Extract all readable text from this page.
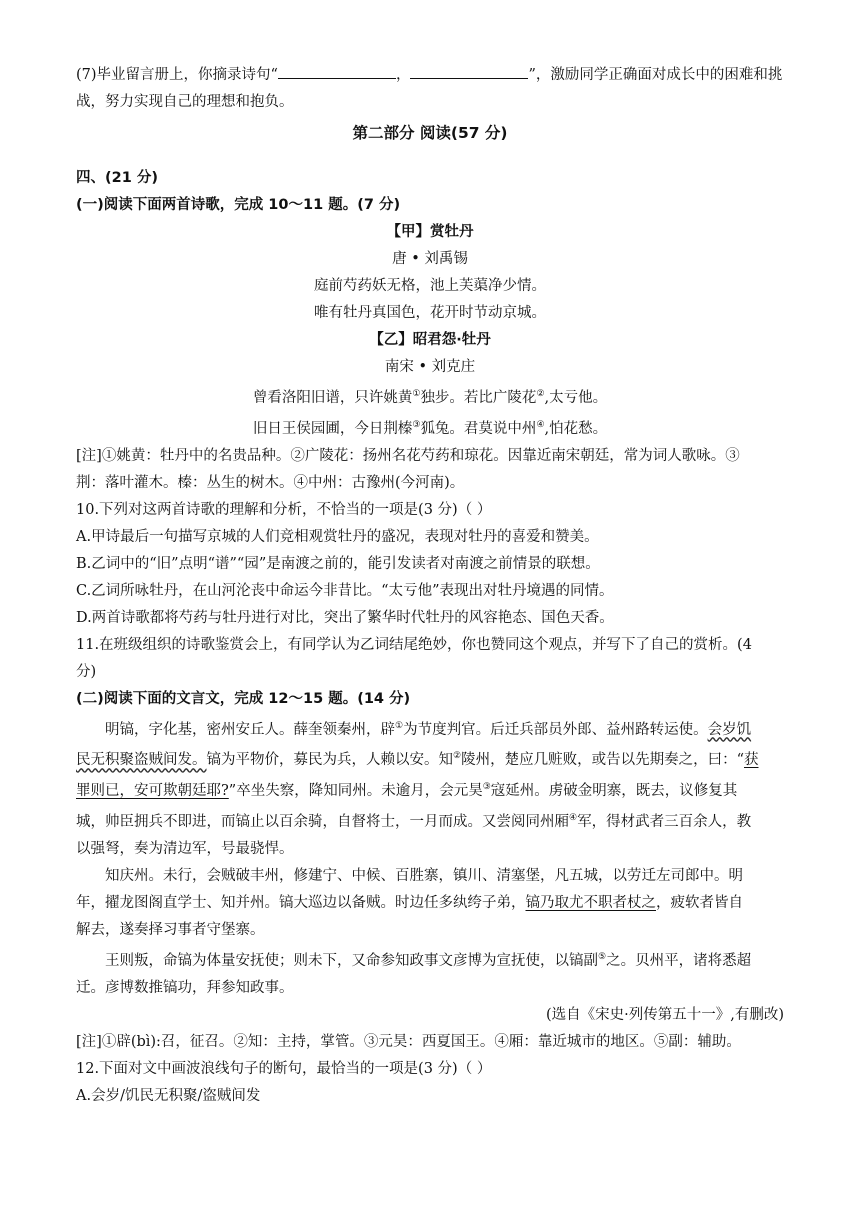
(7)毕业留言册上，你摘录诗句“	，	”，激励同学正确面对成长中的困难和挑

战，努力实现自己的理想和抱负。

第二部分 阅读(57 分)

四、(21 分)

(一)阅读下面两首诗歌，完成 10～11 题。(7 分)

【甲】赏牡丹

唐 • 刘禹锡

庭前芍药妖无格，池上芙蕖净少情。

唯有牡丹真国色，花开时节动京城。

【乙】昭君怨·牡丹

南宋 • 刘克庄

曾看洛阳旧谱，只许姚黄①独步。若比广陵花②,太亏他。

旧日王侯园圃，今日荆榛③狐兔。君莫说中州④,怕花愁。

[注]①姚黄：牡丹中的名贵品种。②广陵花：扬州名花芍药和琼花。因靠近南宋朝廷，常为词人歌咏。③

荆：落叶灌木。榛：丛生的树木。④中州：古豫州(今河南)。

10.下列对这两首诗歌的理解和分析，不恰当的一项是(3 分)（ ）

A.甲诗最后一句描写京城的人们竞相观赏牡丹的盛况，表现对牡丹的喜爱和赞美。

B.乙词中的“旧”点明“谱”“园”是南渡之前的，能引发读者对南渡之前情景的联想。

C.乙词所咏牡丹，在山河沦丧中命运今非昔比。“太亏他”表现出对牡丹境遇的同情。

D.两首诗歌都将芍药与牡丹进行对比，突出了繁华时代牡丹的风容艳态、国色天香。

11.在班级组织的诗歌鉴赏会上，有同学认为乙词结尾绝妙，你也赞同这个观点，并写下了自己的赏析。(4

分)

(二)阅读下面的文言文，完成 12～15 题。(14 分)

明镐，字化基，密州安丘人。薛奎领秦州，辟①为节度判官。后迁兵部员外郎、益州路转运使。会岁饥

民无积聚盗贼间发。镐为平物价，募民为兵，人赖以安。知②陵州，楚应几赃败，或告以先期奏之，曰：“获

罪则已，安可欺朝廷耶?”卒坐失察，降知同州。未逾月，会元昊③寇延州。虏破金明寨，既去，议修复其

城，帅臣拥兵不即进，而镐止以百余骑，自督将士，一月而成。又尝阅同州厢④军，得材武者三百余人，教

以强弩，奏为清边军，号最骁悍。

知庆州。未行，会贼破丰州，修建宁、中候、百胜寨，镇川、清塞堡，凡五城，以劳迁左司郎中。明

年，擢龙图阁直学士、知并州。镐大巡边以备贼。时边任多纨绔子弟，镐乃取尤不职者杖之，疲软者皆自

解去，遂奏择习事者守堡寨。

王则叛，命镐为体量安抚使；则未下，又命参知政事文彦博为宣抚使，以镐副⑤之。贝州平，诸将悉超

迁。彦博数推镐功，拜参知政事。

(选自《宋史·列传第五十一》,有删改)

[注]①辟(bì):召，征召。②知：主持，掌管。③元昊：西夏国王。④厢：靠近城市的地区。⑤副：辅助。

12.下面对文中画波浪线句子的断句，最恰当的一项是(3 分)（ ）

A.会岁/饥民无积聚/盗贼间发
